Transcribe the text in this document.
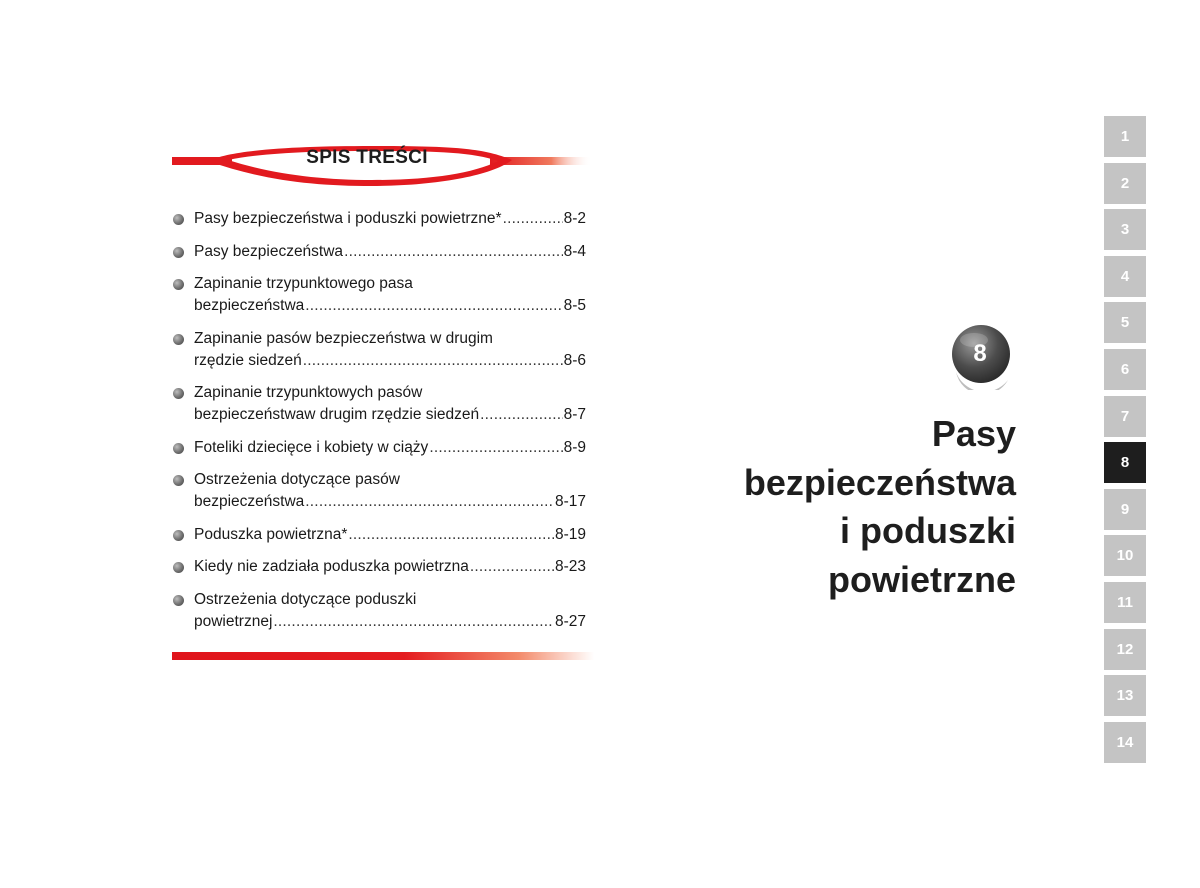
SPIS TREŚCI
Pasy bezpieczeństwa i poduszki powietrzne* .....	8-2
Pasy bezpieczeństwa .....	8-4
Zapinanie trzypunktowego pasa
bezpieczeństwa .....	8-5
Zapinanie pasów bezpieczeństwa w drugim
rzędzie siedzeń .....	8-6
Zapinanie trzypunktowych pasów
bezpieczeństwaw drugim rzędzie siedzeń .....	8-7
Foteliki dziecięce i kobiety w ciąży .....	8-9
Ostrzeżenia dotyczące pasów
bezpieczeństwa .....	8-17
Poduszka powietrzna* .....	8-19
Kiedy nie zadziała poduszka powietrzna .....	8-23
Ostrzeżenia dotyczące poduszki
powietrznej .....	8-27
8
Pasy
bezpieczeństwa
i poduszki
powietrzne
1
2
3
4
5
6
7
8
9
10
11
12
13
14
